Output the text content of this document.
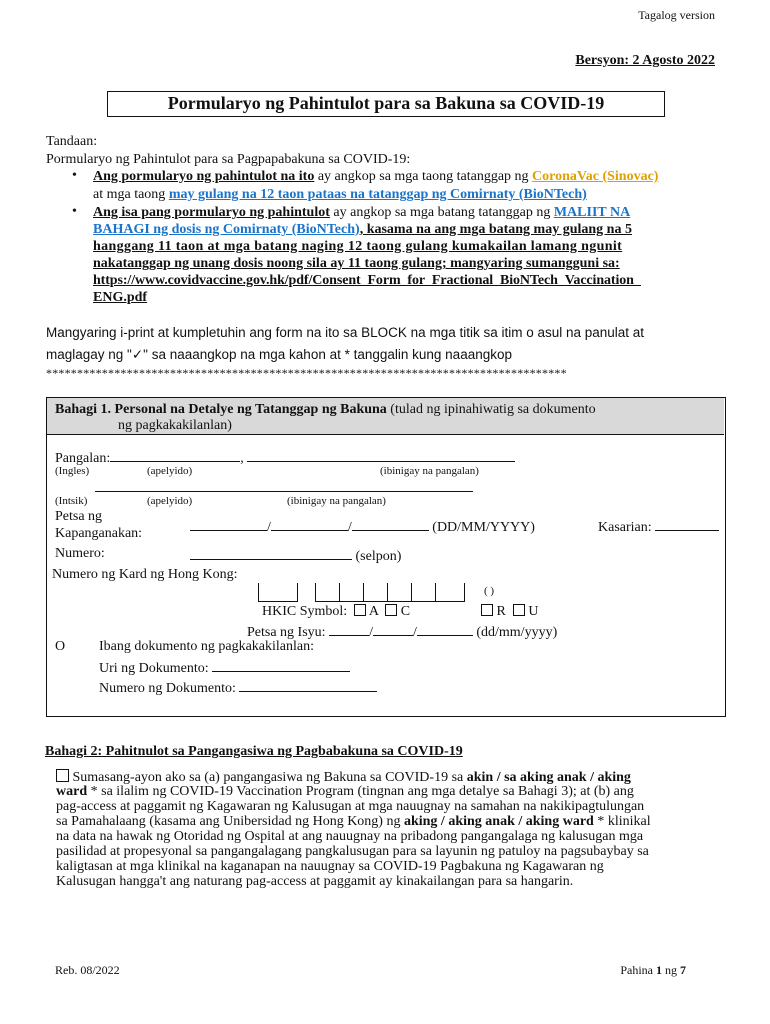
Tagalog version
Bersyon: 2 Agosto 2022
Pormularyo ng Pahintulot para sa Bakuna sa COVID-19
Tandaan:
Pormularyo ng Pahintulot para sa Pagpapabakuna sa COVID-19:
• Ang pormularyo ng pahintulot na ito ay angkop sa mga taong tatanggap ng CoronaVac (Sinovac)
at mga taong may gulang na 12 taon pataas na tatanggap ng Comirnaty (BioNTech)
• Ang isa pang pormularyo ng pahintulot ay angkop sa mga batang tatanggap ng MALIIT NA
BAHAGI ng dosis ng Comirnaty (BioNTech), kasama na ang mga batang may gulang na 5
hanggang 11 taon at mga batang naging 12 taong gulang kumakailan lamang ngunit
nakatanggap ng unang dosis noong sila ay 11 taong gulang; mangyaring sumangguni sa:
https://www.covidvaccine.gov.hk/pdf/Consent_Form_for_Fractional_BioNTech_Vaccination_
ENG.pdf
Mangyaring i-print at kumpletuhin ang form na ito sa BLOCK na mga titik sa itim o asul na panulat at
maglagay ng "✓" sa naaangkop na mga kahon at * tanggalin kung naaangkop
************************************************************************************
Bahagi 1. Personal na Detalye ng Tatanggap ng Bakuna (tulad ng ipinahiwatig sa dokumento
ng pagkakakilanlan)
Pangalan:	,
(Ingles)	(apelyido)	(ibinigay na pangalan)
(Intsik)	(apelyido)	(ibinigay na pangalan)
Petsa ng
Kapanganakan:	/	/	(DD/MM/YYYY)	Kasarian:
Numero:	(selpon)
Numero ng Kard ng Hong Kong:
( )
HKIC Symbol: A C	R U
Petsa ng Isyu:	/	/	(dd/mm/yyyy)
O Ibang dokumento ng pagkakakilanlan:
Uri ng Dokumento:
Numero ng Dokumento:
Bahagi 2: Pahitnulot sa Pangangasiwa ng Pagbabakuna sa COVID-19
Sumasang-ayon ako sa (a) pangangasiwa ng Bakuna sa COVID-19 sa akin / sa aking anak / aking
ward * sa ilalim ng COVID-19 Vaccination Program (tingnan ang mga detalye sa Bahagi 3); at (b) ang
pag-access at paggamit ng Kagawaran ng Kalusugan at mga nauugnay na samahan na nakikipagtulungan
sa Pamahalaang (kasama ang Unibersidad ng Hong Kong) ng aking / aking anak / aking ward * klinikal
na data na hawak ng Otoridad ng Ospital at ang nauugnay na pribadong pangangalaga ng kalusugan mga
pasilidad at propesyonal sa pangangalagang pangkalusugan para sa layunin ng patuloy na pagsubaybay sa
kaligtasan at mga klinikal na kaganapan na nauugnay sa COVID-19 Pagbakuna ng Kagawaran ng
Kalusugan hangga't ang naturang pag-access at paggamit ay kinakailangan para sa hangarin.
Reb. 08/2022	Pahina 1 ng 7
